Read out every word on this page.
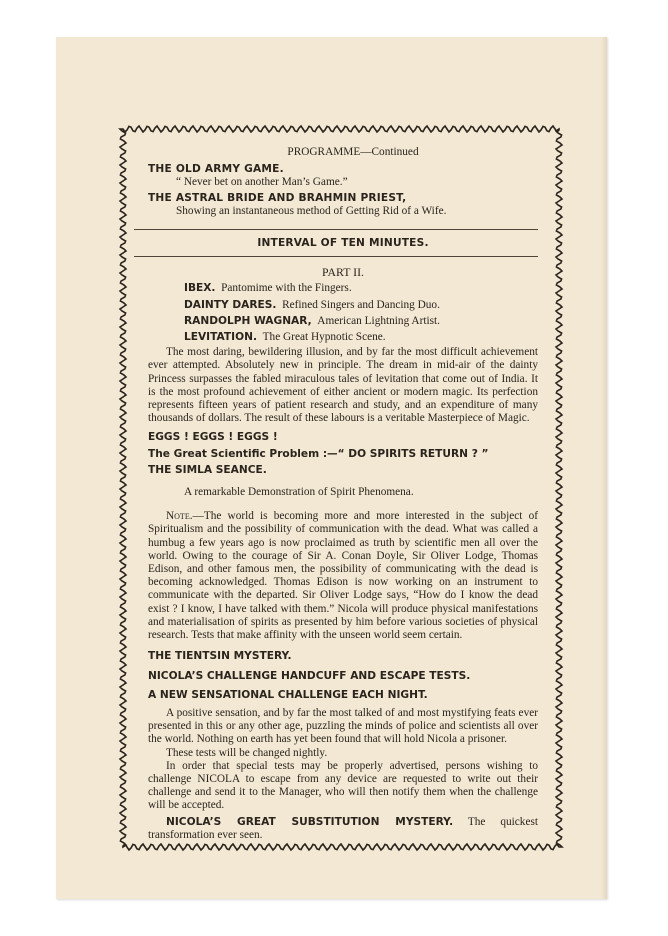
PROGRAMME—Continued

THE OLD ARMY GAME.

“ Never bet on another Man’s Game.”

THE ASTRAL BRIDE AND BRAHMIN PRIEST,

Showing an instantaneous method of Getting Rid of a Wife.

INTERVAL OF TEN MINUTES.

PART II.

IBEX. Pantomime with the Fingers.

DAINTY DARES. Refined Singers and Dancing Duo.

RANDOLPH WAGNAR, American Lightning Artist.

LEVITATION. The Great Hypnotic Scene.

The most daring, bewildering illusion, and by far the most difficult achievement ever attempted. Absolutely new in principle. The dream in mid-air of the dainty Princess surpasses the fabled miraculous tales of levitation that come out of India. It is the most profound achievement of either ancient or modern magic. Its perfection represents fifteen years of patient research and study, and an expenditure of many thousands of dollars. The result of these labours is a veritable Masterpiece of Magic.

EGGS ! EGGS ! EGGS !

The Great Scientific Problem :—“ DO SPIRITS RETURN ? ”

THE SIMLA SEANCE.

A remarkable Demonstration of Spirit Phenomena.

Note.—The world is becoming more and more interested in the subject of Spiritualism and the possibility of communication with the dead. What was called a humbug a few years ago is now proclaimed as truth by scientific men all over the world. Owing to the courage of Sir A. Conan Doyle, Sir Oliver Lodge, Thomas Edison, and other famous men, the possibility of communicating with the dead is becoming acknowledged. Thomas Edison is now working on an instrument to communicate with the departed. Sir Oliver Lodge says, “How do I know the dead exist ? I know, I have talked with them.” Nicola will produce physical manifestations and materialisation of spirits as presented by him before various societies of physical research. Tests that make affinity with the unseen world seem certain.

THE TIENTSIN MYSTERY.

NICOLA’S CHALLENGE HANDCUFF AND ESCAPE TESTS.

A NEW SENSATIONAL CHALLENGE EACH NIGHT.

A positive sensation, and by far the most talked of and most mystifying feats ever presented in this or any other age, puzzling the minds of police and scientists all over the world. Nothing on earth has yet been found that will hold Nicola a prisoner.

These tests will be changed nightly.

In order that special tests may be properly advertised, persons wishing to challenge NICOLA to escape from any device are requested to write out their challenge and send it to the Manager, who will then notify them when the challenge will be accepted.

NICOLA’S GREAT SUBSTITUTION MYSTERY. The quickest transformation ever seen.
